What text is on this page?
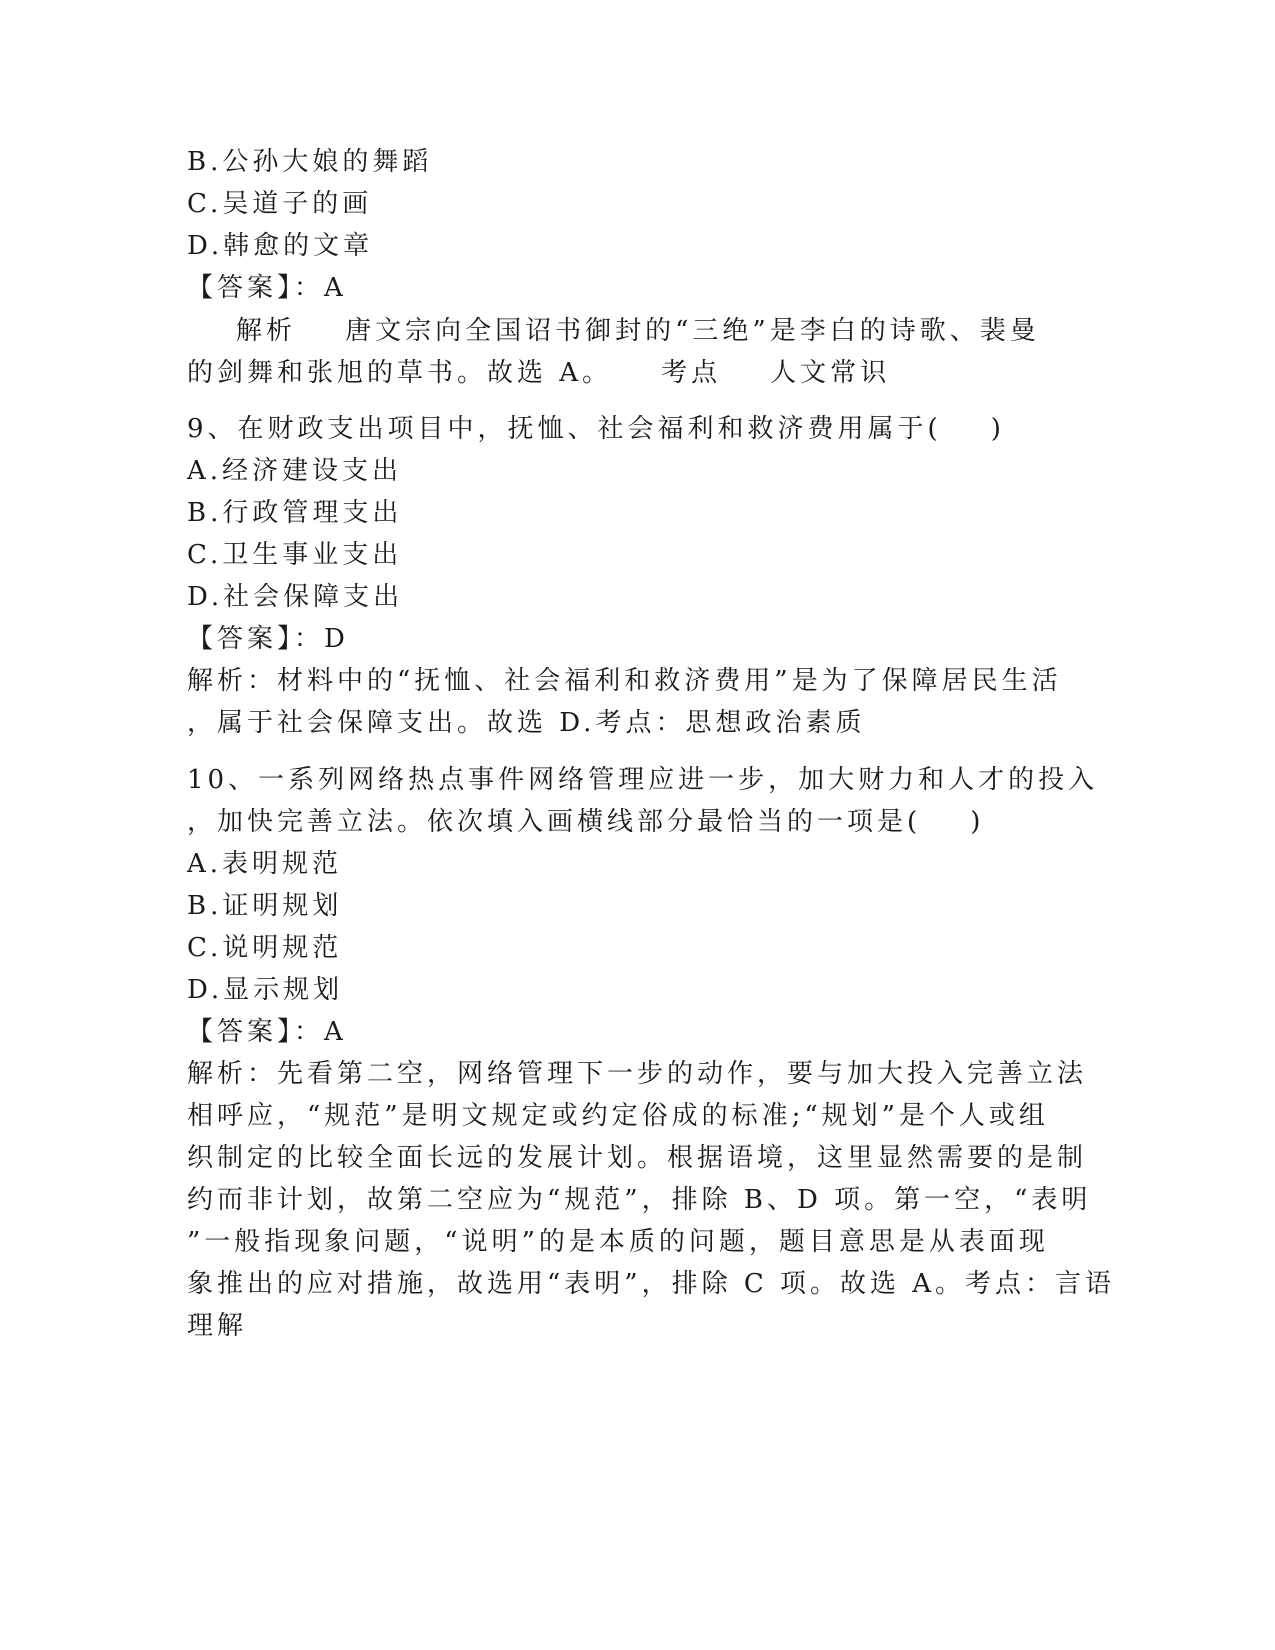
B.公孙大娘的舞蹈
C.吴道子的画
D.韩愈的文章
【答案】：A
解析    唐文宗向全国诏书御封的“三绝”是李白的诗歌、裴曼
的剑舞和张旭的草书。故选 A。    考点    人文常识
9、在财政支出项目中，抚恤、社会福利和救济费用属于(    )
A.经济建设支出
B.行政管理支出
C.卫生事业支出
D.社会保障支出
【答案】：D
解析：材料中的“抚恤、社会福利和救济费用”是为了保障居民生活
，属于社会保障支出。故选 D.考点：思想政治素质
10、一系列网络热点事件网络管理应进一步，加大财力和人才的投入
，加快完善立法。依次填入画横线部分最恰当的一项是(    )
A.表明规范
B.证明规划
C.说明规范
D.显示规划
【答案】：A
解析：先看第二空，网络管理下一步的动作，要与加大投入完善立法
相呼应，“规范”是明文规定或约定俗成的标准;“规划”是个人或组
织制定的比较全面长远的发展计划。根据语境，这里显然需要的是制
约而非计划，故第二空应为“规范”，排除 B、D 项。第一空，“表明
”一般指现象问题，“说明”的是本质的问题，题目意思是从表面现
象推出的应对措施，故选用“表明”，排除 C 项。故选 A。考点：言语
理解
